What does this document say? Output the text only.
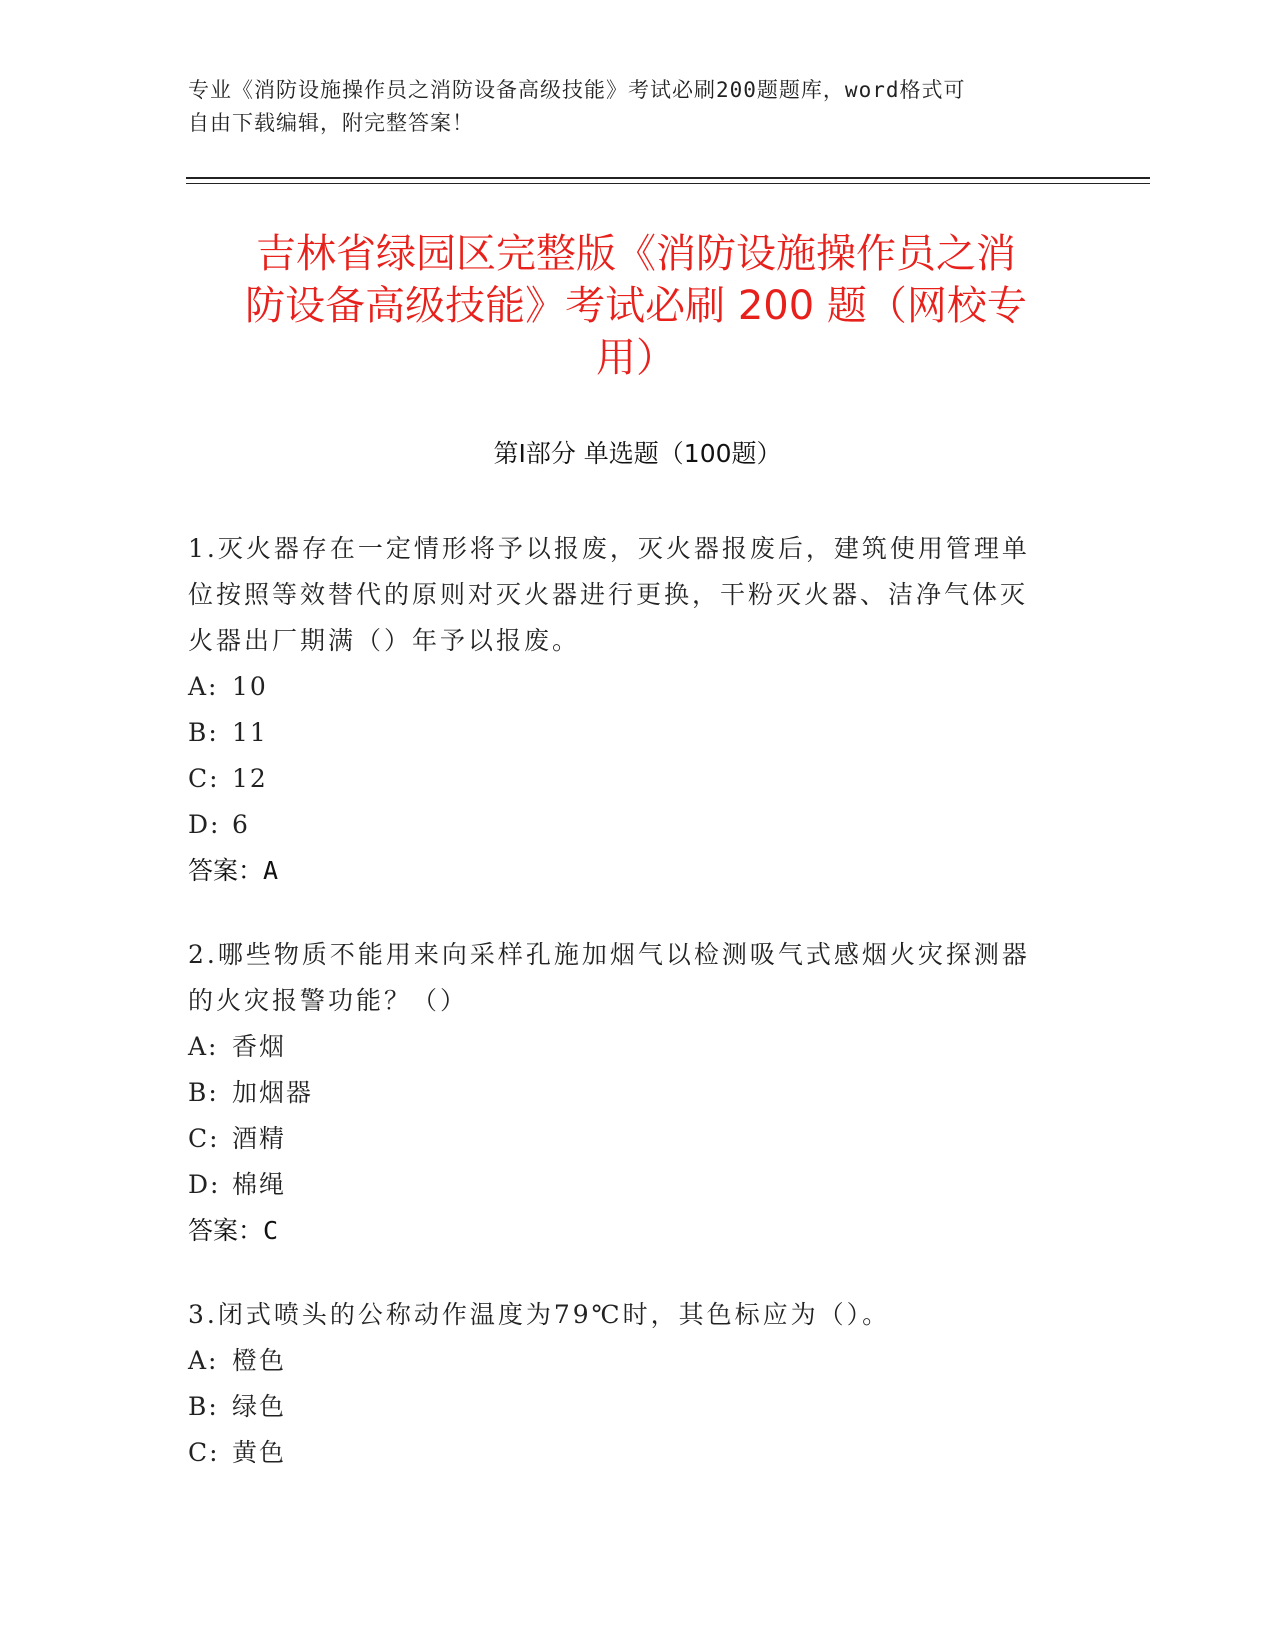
专业《消防设施操作员之消防设备高级技能》考试必刷200题题库，word格式可
自由下载编辑，附完整答案！
吉林省绿园区完整版《消防设施操作员之消
防设备高级技能》考试必刷 200 题（网校专
用）
第Ⅰ部分 单选题（100题）
1.灭火器存在一定情形将予以报废，灭火器报废后，建筑使用管理单
位按照等效替代的原则对灭火器进行更换，干粉灭火器、洁净气体灭
火器出厂期满（）年予以报废。
A: 10
B: 11
C: 12
D: 6
答案：A
2.哪些物质不能用来向采样孔施加烟气以检测吸气式感烟火灾探测器
的火灾报警功能？（）
A: 香烟
B: 加烟器
C: 酒精
D: 棉绳
答案：C
3.闭式喷头的公称动作温度为79℃时，其色标应为（）。
A: 橙色
B: 绿色
C: 黄色
